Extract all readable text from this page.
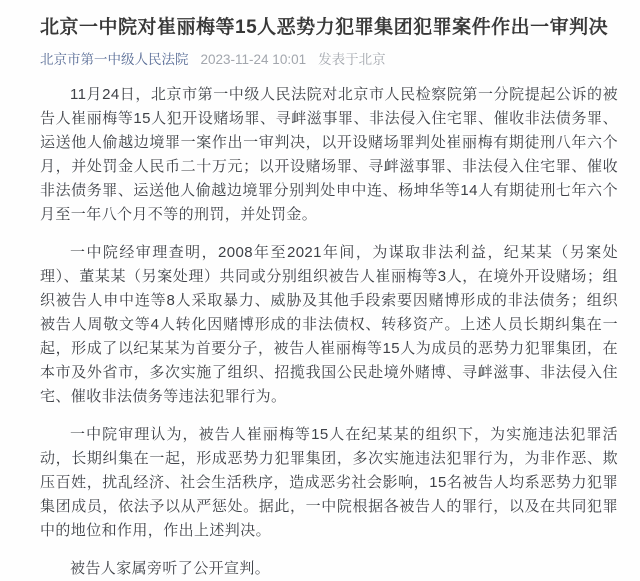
北京一中院对崔丽梅等15人恶势力犯罪集团犯罪案件作出一审判决
北京市第一中级人民法院 2023-11-24 10:01 发表于北京

11月24日，北京市第一中级人民法院对北京市人民检察院第一分院提起公诉的被告人崔丽梅等15人犯开设赌场罪、寻衅滋事罪、非法侵入住宅罪、催收非法债务罪、运送他人偷越边境罪一案作出一审判决，以开设赌场罪判处崔丽梅有期徒刑八年六个月，并处罚金人民币二十万元；以开设赌场罪、寻衅滋事罪、非法侵入住宅罪、催收非法债务罪、运送他人偷越边境罪分别判处申中连、杨坤华等14人有期徒刑七年六个月至一年八个月不等的刑罚，并处罚金。

一中院经审理查明，2008年至2021年间，为谋取非法利益，纪某某（另案处理）、董某某（另案处理）共同或分别组织被告人崔丽梅等3人，在境外开设赌场；组织被告人申中连等8人采取暴力、威胁及其他手段索要因赌博形成的非法债务；组织被告人周敬文等4人转化因赌博形成的非法债权、转移资产。上述人员长期纠集在一起，形成了以纪某某为首要分子，被告人崔丽梅等15人为成员的恶势力犯罪集团，在本市及外省市，多次实施了组织、招揽我国公民赴境外赌博、寻衅滋事、非法侵入住宅、催收非法债务等违法犯罪行为。

一中院审理认为，被告人崔丽梅等15人在纪某某的组织下，为实施违法犯罪活动，长期纠集在一起，形成恶势力犯罪集团，多次实施违法犯罪行为，为非作恶、欺压百姓，扰乱经济、社会生活秩序，造成恶劣社会影响，15名被告人均系恶势力犯罪集团成员，依法予以从严惩处。据此，一中院根据各被告人的罪行，以及在共同犯罪中的地位和作用，作出上述判决。

被告人家属旁听了公开宣判。
